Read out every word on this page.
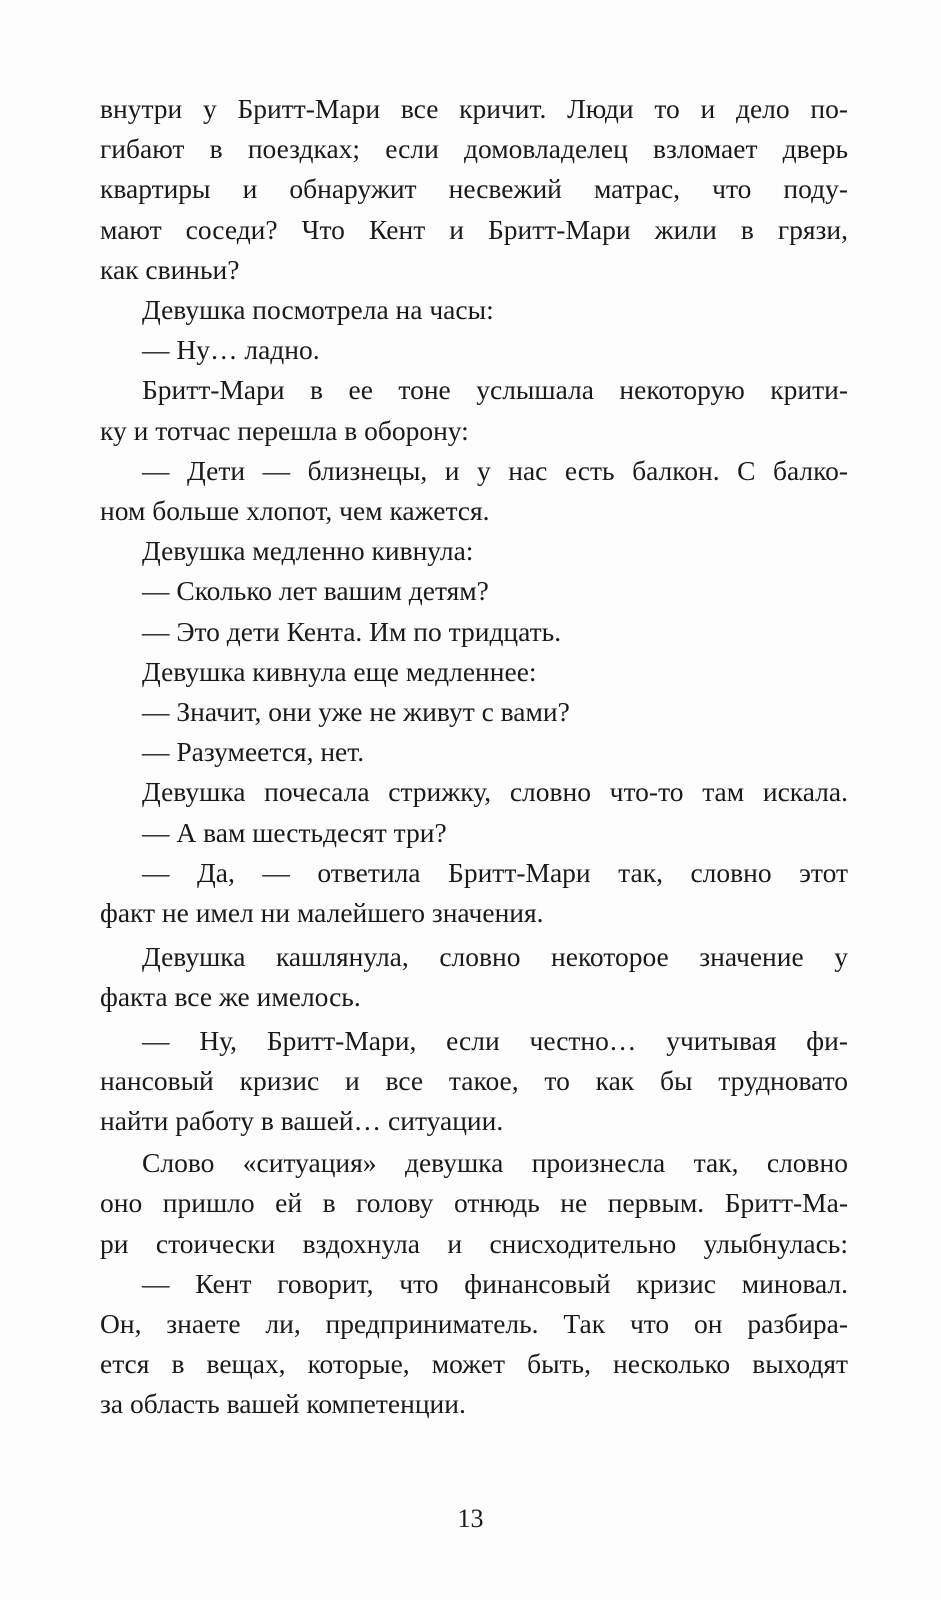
внутри у Бритт-Мари все кричит. Люди то и дело по-
гибают в поездках; если домовладелец взломает дверь
квартиры и обнаружит несвежий матрас, что поду-
мают соседи? Что Кент и Бритт-Мари жили в грязи,
как свиньи?
Девушка посмотрела на часы:
— Ну… ладно.
Бритт-Мари в ее тоне услышала некоторую крити-
ку и тотчас перешла в оборону:
— Дети — близнецы, и у нас есть балкон. С балко-
ном больше хлопот, чем кажется.
Девушка медленно кивнула:
— Сколько лет вашим детям?
— Это дети Кента. Им по тридцать.
Девушка кивнула еще медленнее:
— Значит, они уже не живут с вами?
— Разумеется, нет.
Девушка почесала стрижку, словно что-то там искала.
— А вам шестьдесят три?
— Да, — ответила Бритт-Мари так, словно этот
факт не имел ни малейшего значения.
Девушка кашлянула, словно некоторое значение у
факта все же имелось.
— Ну, Бритт-Мари, если честно… учитывая фи-
нансовый кризис и все такое, то как бы трудновато
найти работу в вашей… ситуации.
Слово «ситуация» девушка произнесла так, словно
оно пришло ей в голову отнюдь не первым. Бритт-Ма-
ри стоически вздохнула и снисходительно улыбнулась:
— Кент говорит, что финансовый кризис миновал.
Он, знаете ли, предприниматель. Так что он разбира-
ется в вещах, которые, может быть, несколько выходят
за область вашей компетенции.
13
